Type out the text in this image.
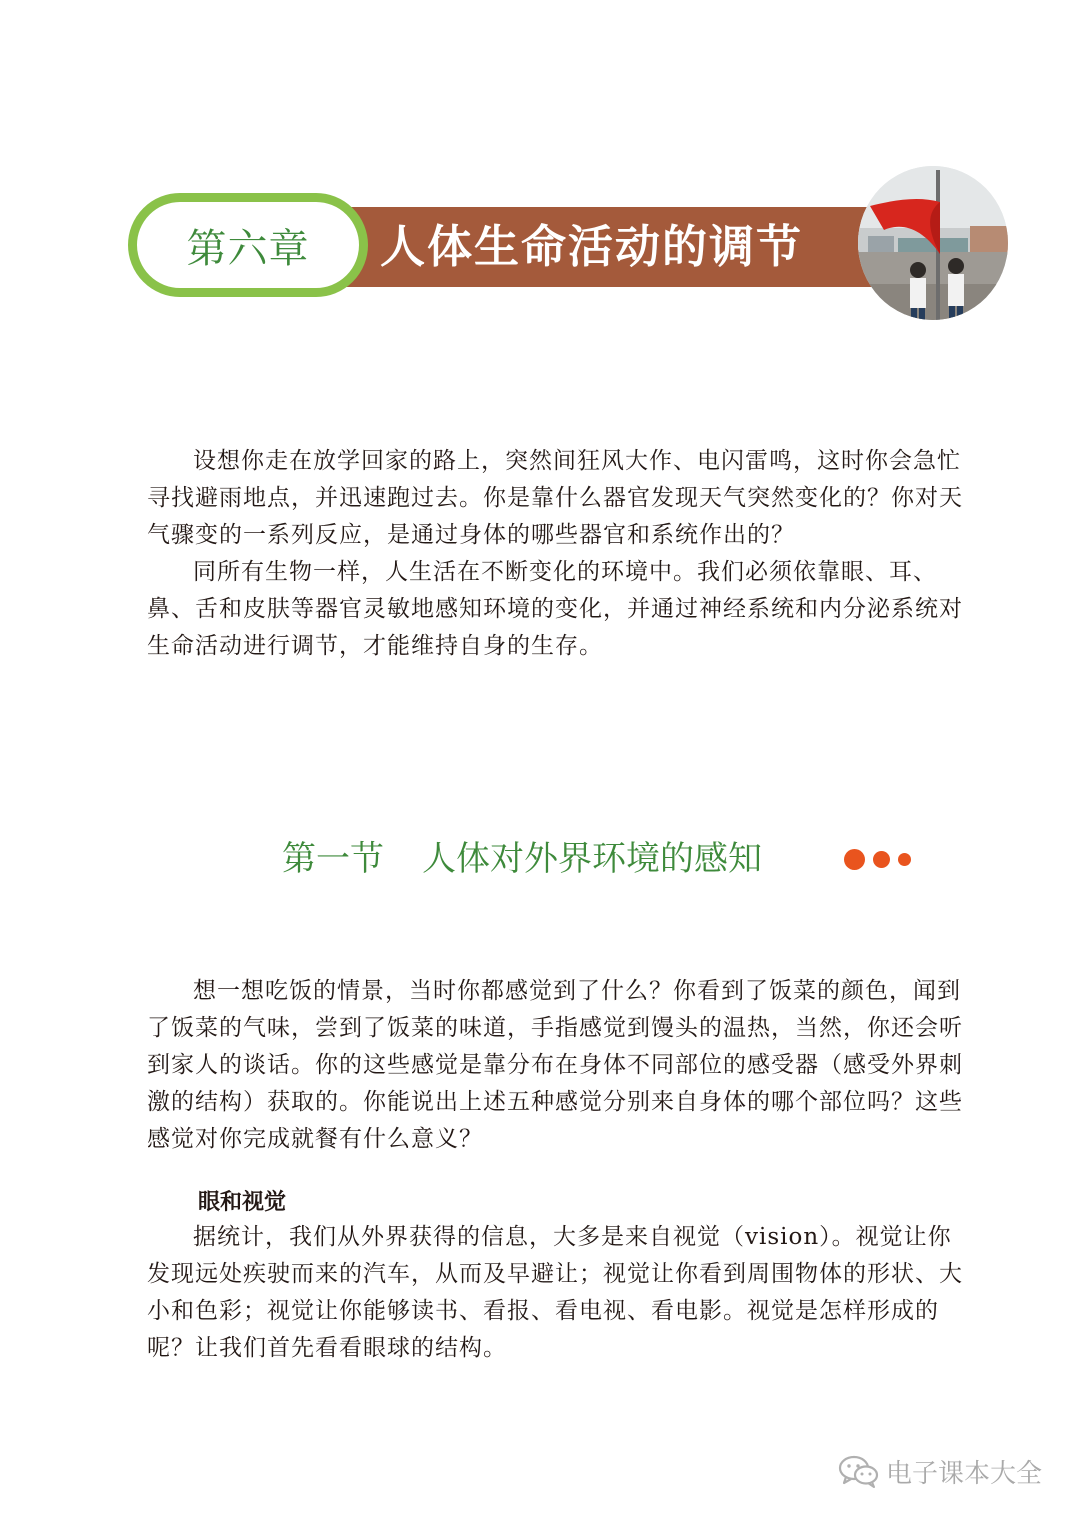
第六章 人体生命活动的调节

设想你走在放学回家的路上，突然间狂风大作、电闪雷鸣，这时你会急忙寻找避雨地点，并迅速跑过去。你是靠什么器官发现天气突然变化的？你对天气骤变的一系列反应，是通过身体的哪些器官和系统作出的？

同所有生物一样，人生活在不断变化的环境中。我们必须依靠眼、耳、鼻、舌和皮肤等器官灵敏地感知环境的变化，并通过神经系统和内分泌系统对生命活动进行调节，才能维持自身的生存。

第一节 人体对外界环境的感知

想一想吃饭的情景，当时你都感觉到了什么？你看到了饭菜的颜色，闻到了饭菜的气味，尝到了饭菜的味道，手指感觉到馒头的温热，当然，你还会听到家人的谈话。你的这些感觉是靠分布在身体不同部位的感受器（感受外界刺激的结构）获取的。你能说出上述五种感觉分别来自身体的哪个部位吗？这些感觉对你完成就餐有什么意义？

眼和视觉

据统计，我们从外界获得的信息，大多是来自视觉（vision）。视觉让你发现远处疾驶而来的汽车，从而及早避让；视觉让你看到周围物体的形状、大小和色彩；视觉让你能够读书、看报、看电视、看电影。视觉是怎样形成的呢？让我们首先看看眼球的结构。

电子课本大全
